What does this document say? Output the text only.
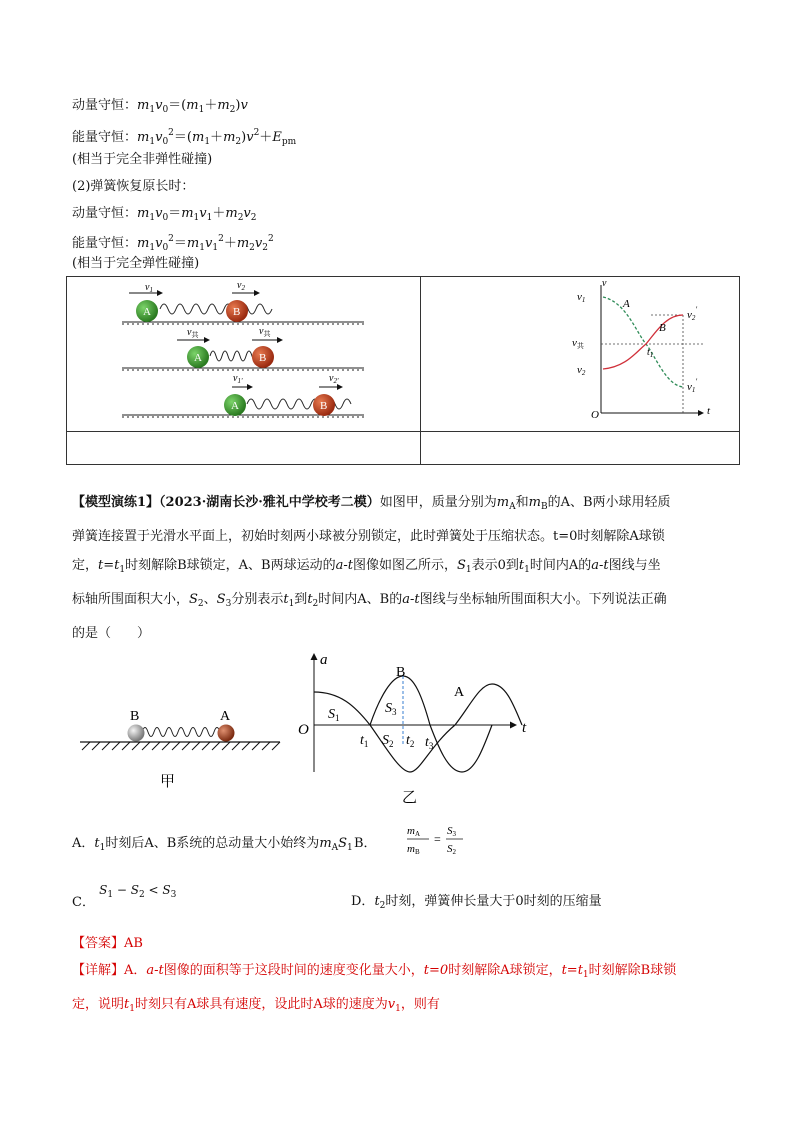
动量守恒：$m_1v_0=(m_1+m_2)v$
能量守恒：$m_1v_0^2=(m_1+m_2)v^2+E_{pm}$
(相当于完全非弹性碰撞)
(2)弹簧恢复原长时：
动量守恒：$m_1v_0=m_1v_1+m_2v_2$
能量守恒：$m_1v_0^2=m_1v_1^2+m_2v_2^2$
(相当于完全弹性碰撞)
A	B
$v_1$	$v_2$
A	B
$v_共$	$v_共$
A	B
$v_{1'}$	$v_{2'}$
v
O	t
v1
v共
v2
A
B
$t_1$
v2'
v1'
【模型演练1】（2023·湖南长沙·雅礼中学校考二模）如图甲，质量分别为$m_A$和$m_B$的A、B两小球用轻质
弹簧连接置于光滑水平面上，初始时刻两小球被分别锁定，此时弹簧处于压缩状态。t=0时刻解除A球锁
定，$t=t_1$时刻解除B球锁定，A、B两球运动的a-t图像如图乙所示，$S_1$表示0到$t_1$时间内A的a-t图线与坐
标轴所围面积大小，$S_2$、$S_3$分别表示$t_1$到$t_2$时间内A、B的a-t图线与坐标轴所围面积大小。下列说法正确
的是（　　）
B	A
甲
a
t
O
B
A
$S_1$
$S_3$
$S_2$
$t_1$	$t_2$ $t_3$
乙
A．$t_1$时刻后A、B系统的总动量大小始终为$m_AS_1$ B．
mA
mB
=
S3
S2
C． $S_1 - S_2 < S_3$	D．$t_2$时刻，弹簧伸长量大于0时刻的压缩量
【答案】AB
【详解】A．a-t图像的面积等于这段时间的速度变化量大小，t=0时刻解除A球锁定，$t=t_1$时刻解除B球锁
定，说明$t_1$时刻只有A球具有速度，设此时A球的速度为$v_1$，则有
